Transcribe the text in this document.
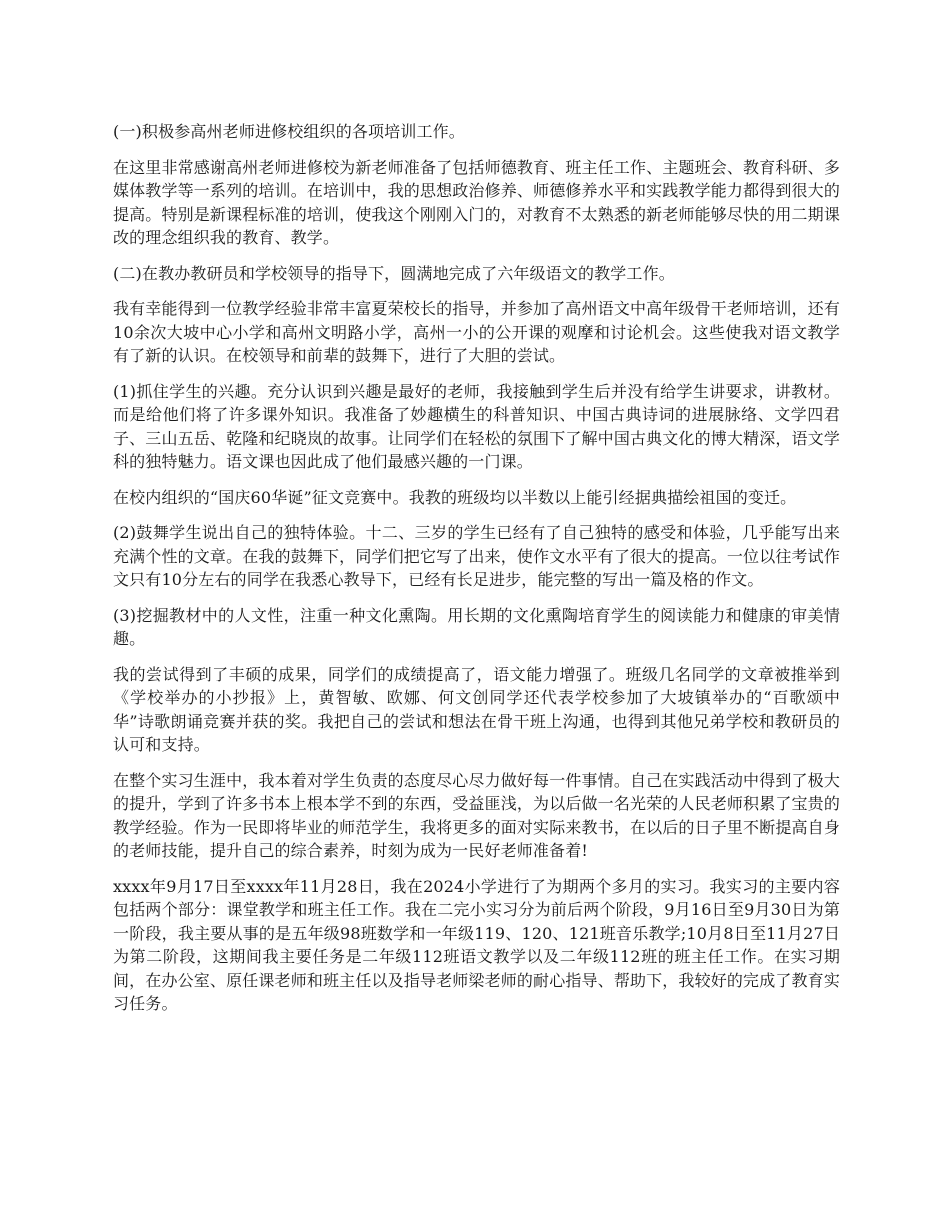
(一)积极参高州老师进修校组织的各项培训工作。

在这里非常感谢高州老师进修校为新老师准备了包括师德教育、班主任工作、主题班会、教育科研、多媒体教学等一系列的培训。在培训中，我的思想政治修养、师德修养水平和实践教学能力都得到很大的提高。特别是新课程标准的培训，使我这个刚刚入门的，对教育不太熟悉的新老师能够尽快的用二期课改的理念组织我的教育、教学。

(二)在教办教研员和学校领导的指导下，圆满地完成了六年级语文的教学工作。

我有幸能得到一位教学经验非常丰富夏荣校长的指导，并参加了高州语文中高年级骨干老师培训，还有10余次大坡中心小学和高州文明路小学，高州一小的公开课的观摩和讨论机会。这些使我对语文教学有了新的认识。在校领导和前辈的鼓舞下，进行了大胆的尝试。

(1)抓住学生的兴趣。充分认识到兴趣是最好的老师，我接触到学生后并没有给学生讲要求，讲教材。而是给他们将了许多课外知识。我准备了妙趣横生的科普知识、中国古典诗词的进展脉络、文学四君子、三山五岳、乾隆和纪晓岚的故事。让同学们在轻松的氛围下了解中国古典文化的博大精深，语文学科的独特魅力。语文课也因此成了他们最感兴趣的一门课。

在校内组织的“国庆60华诞”征文竞赛中。我教的班级均以半数以上能引经据典描绘祖国的变迁。

(2)鼓舞学生说出自己的独特体验。十二、三岁的学生已经有了自己独特的感受和体验，几乎能写出来充满个性的文章。在我的鼓舞下，同学们把它写了出来，使作文水平有了很大的提高。一位以往考试作文只有10分左右的同学在我悉心教导下，已经有长足进步，能完整的写出一篇及格的作文。

(3)挖掘教材中的人文性，注重一种文化熏陶。用长期的文化熏陶培育学生的阅读能力和健康的审美情趣。

我的尝试得到了丰硕的成果，同学们的成绩提高了，语文能力增强了。班级几名同学的文章被推举到《学校举办的小抄报》上，黄智敏、欧娜、何文创同学还代表学校参加了大坡镇举办的“百歌颂中华”诗歌朗诵竞赛并获的奖。我把自己的尝试和想法在骨干班上沟通，也得到其他兄弟学校和教研员的认可和支持。

在整个实习生涯中，我本着对学生负责的态度尽心尽力做好每一件事情。自己在实践活动中得到了极大的提升，学到了许多书本上根本学不到的东西，受益匪浅，为以后做一名光荣的人民老师积累了宝贵的教学经验。作为一民即将毕业的师范学生，我将更多的面对实际来教书，在以后的日子里不断提高自身的老师技能，提升自己的综合素养，时刻为成为一民好老师准备着!

xxxx年9月17日至xxxx年11月28日，我在2024小学进行了为期两个多月的实习。我实习的主要内容包括两个部分：课堂教学和班主任工作。我在二完小实习分为前后两个阶段，9月16日至9月30日为第一阶段，我主要从事的是五年级98班数学和一年级119、120、121班音乐教学;10月8日至11月27日为第二阶段，这期间我主要任务是二年级112班语文教学以及二年级112班的班主任工作。在实习期间，在办公室、原任课老师和班主任以及指导老师梁老师的耐心指导、帮助下，我较好的完成了教育实习任务。
